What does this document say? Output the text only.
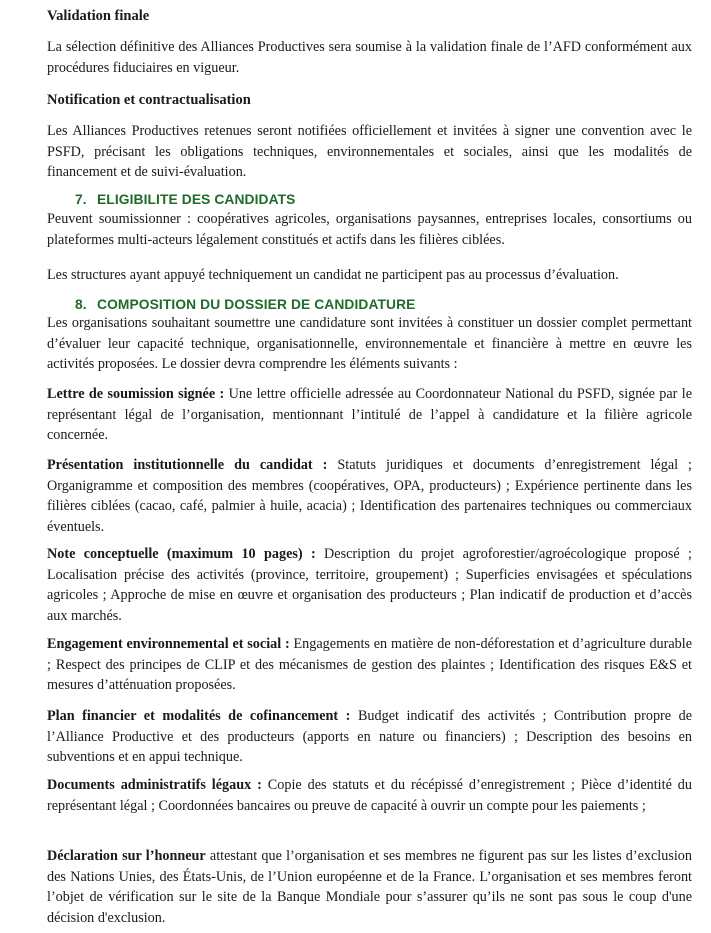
Validation finale
La sélection définitive des Alliances Productives sera soumise à la validation finale de l’AFD conformément aux procédures fiduciaires en vigueur.
Notification et contractualisation
Les Alliances Productives retenues seront notifiées officiellement et invitées à signer une convention avec le PSFD, précisant les obligations techniques, environnementales et sociales, ainsi que les modalités de financement et de suivi-évaluation.
7. ELIGIBILITE DES CANDIDATS
Peuvent soumissionner : coopératives agricoles, organisations paysannes, entreprises locales, consortiums ou plateformes multi-acteurs légalement constitués et actifs dans les filières ciblées.
Les structures ayant appuyé techniquement un candidat ne participent pas au processus d’évaluation.
8. COMPOSITION DU DOSSIER DE CANDIDATURE
Les organisations souhaitant soumettre une candidature sont invitées à constituer un dossier complet permettant d’évaluer leur capacité technique, organisationnelle, environnementale et financière à mettre en œuvre les activités proposées. Le dossier devra comprendre les éléments suivants :
Lettre de soumission signée : Une lettre officielle adressée au Coordonnateur National du PSFD, signée par le représentant légal de l’organisation, mentionnant l’intitulé de l’appel à candidature et la filière agricole concernée.
Présentation institutionnelle du candidat : Statuts juridiques et documents d’enregistrement légal ; Organigramme et composition des membres (coopératives, OPA, producteurs) ; Expérience pertinente dans les filières ciblées (cacao, café, palmier à huile, acacia) ; Identification des partenaires techniques ou commerciaux éventuels.
Note conceptuelle (maximum 10 pages) : Description du projet agroforestier/agroécologique proposé ; Localisation précise des activités (province, territoire, groupement) ; Superficies envisagées et spéculations agricoles ; Approche de mise en œuvre et organisation des producteurs ; Plan indicatif de production et d’accès aux marchés.
Engagement environnemental et social : Engagements en matière de non-déforestation et d’agriculture durable ; Respect des principes de CLIP et des mécanismes de gestion des plaintes ; Identification des risques E&S et mesures d’atténuation proposées.
Plan financier et modalités de cofinancement : Budget indicatif des activités ; Contribution propre de l’Alliance Productive et des producteurs (apports en nature ou financiers) ; Description des besoins en subventions et en appui technique.
Documents administratifs légaux : Copie des statuts et du récépissé d’enregistrement ; Pièce d’identité du représentant légal ; Coordonnées bancaires ou preuve de capacité à ouvrir un compte pour les paiements ;
Déclaration sur l’honneur attestant que l’organisation et ses membres ne figurent pas sur les listes d’exclusion des Nations Unies, des États-Unis, de l’Union européenne et de la France. L’organisation et ses membres feront l’objet de vérification sur le site de la Banque Mondiale pour s’assurer qu’ils ne sont pas sous le coup d'une décision d'exclusion.
